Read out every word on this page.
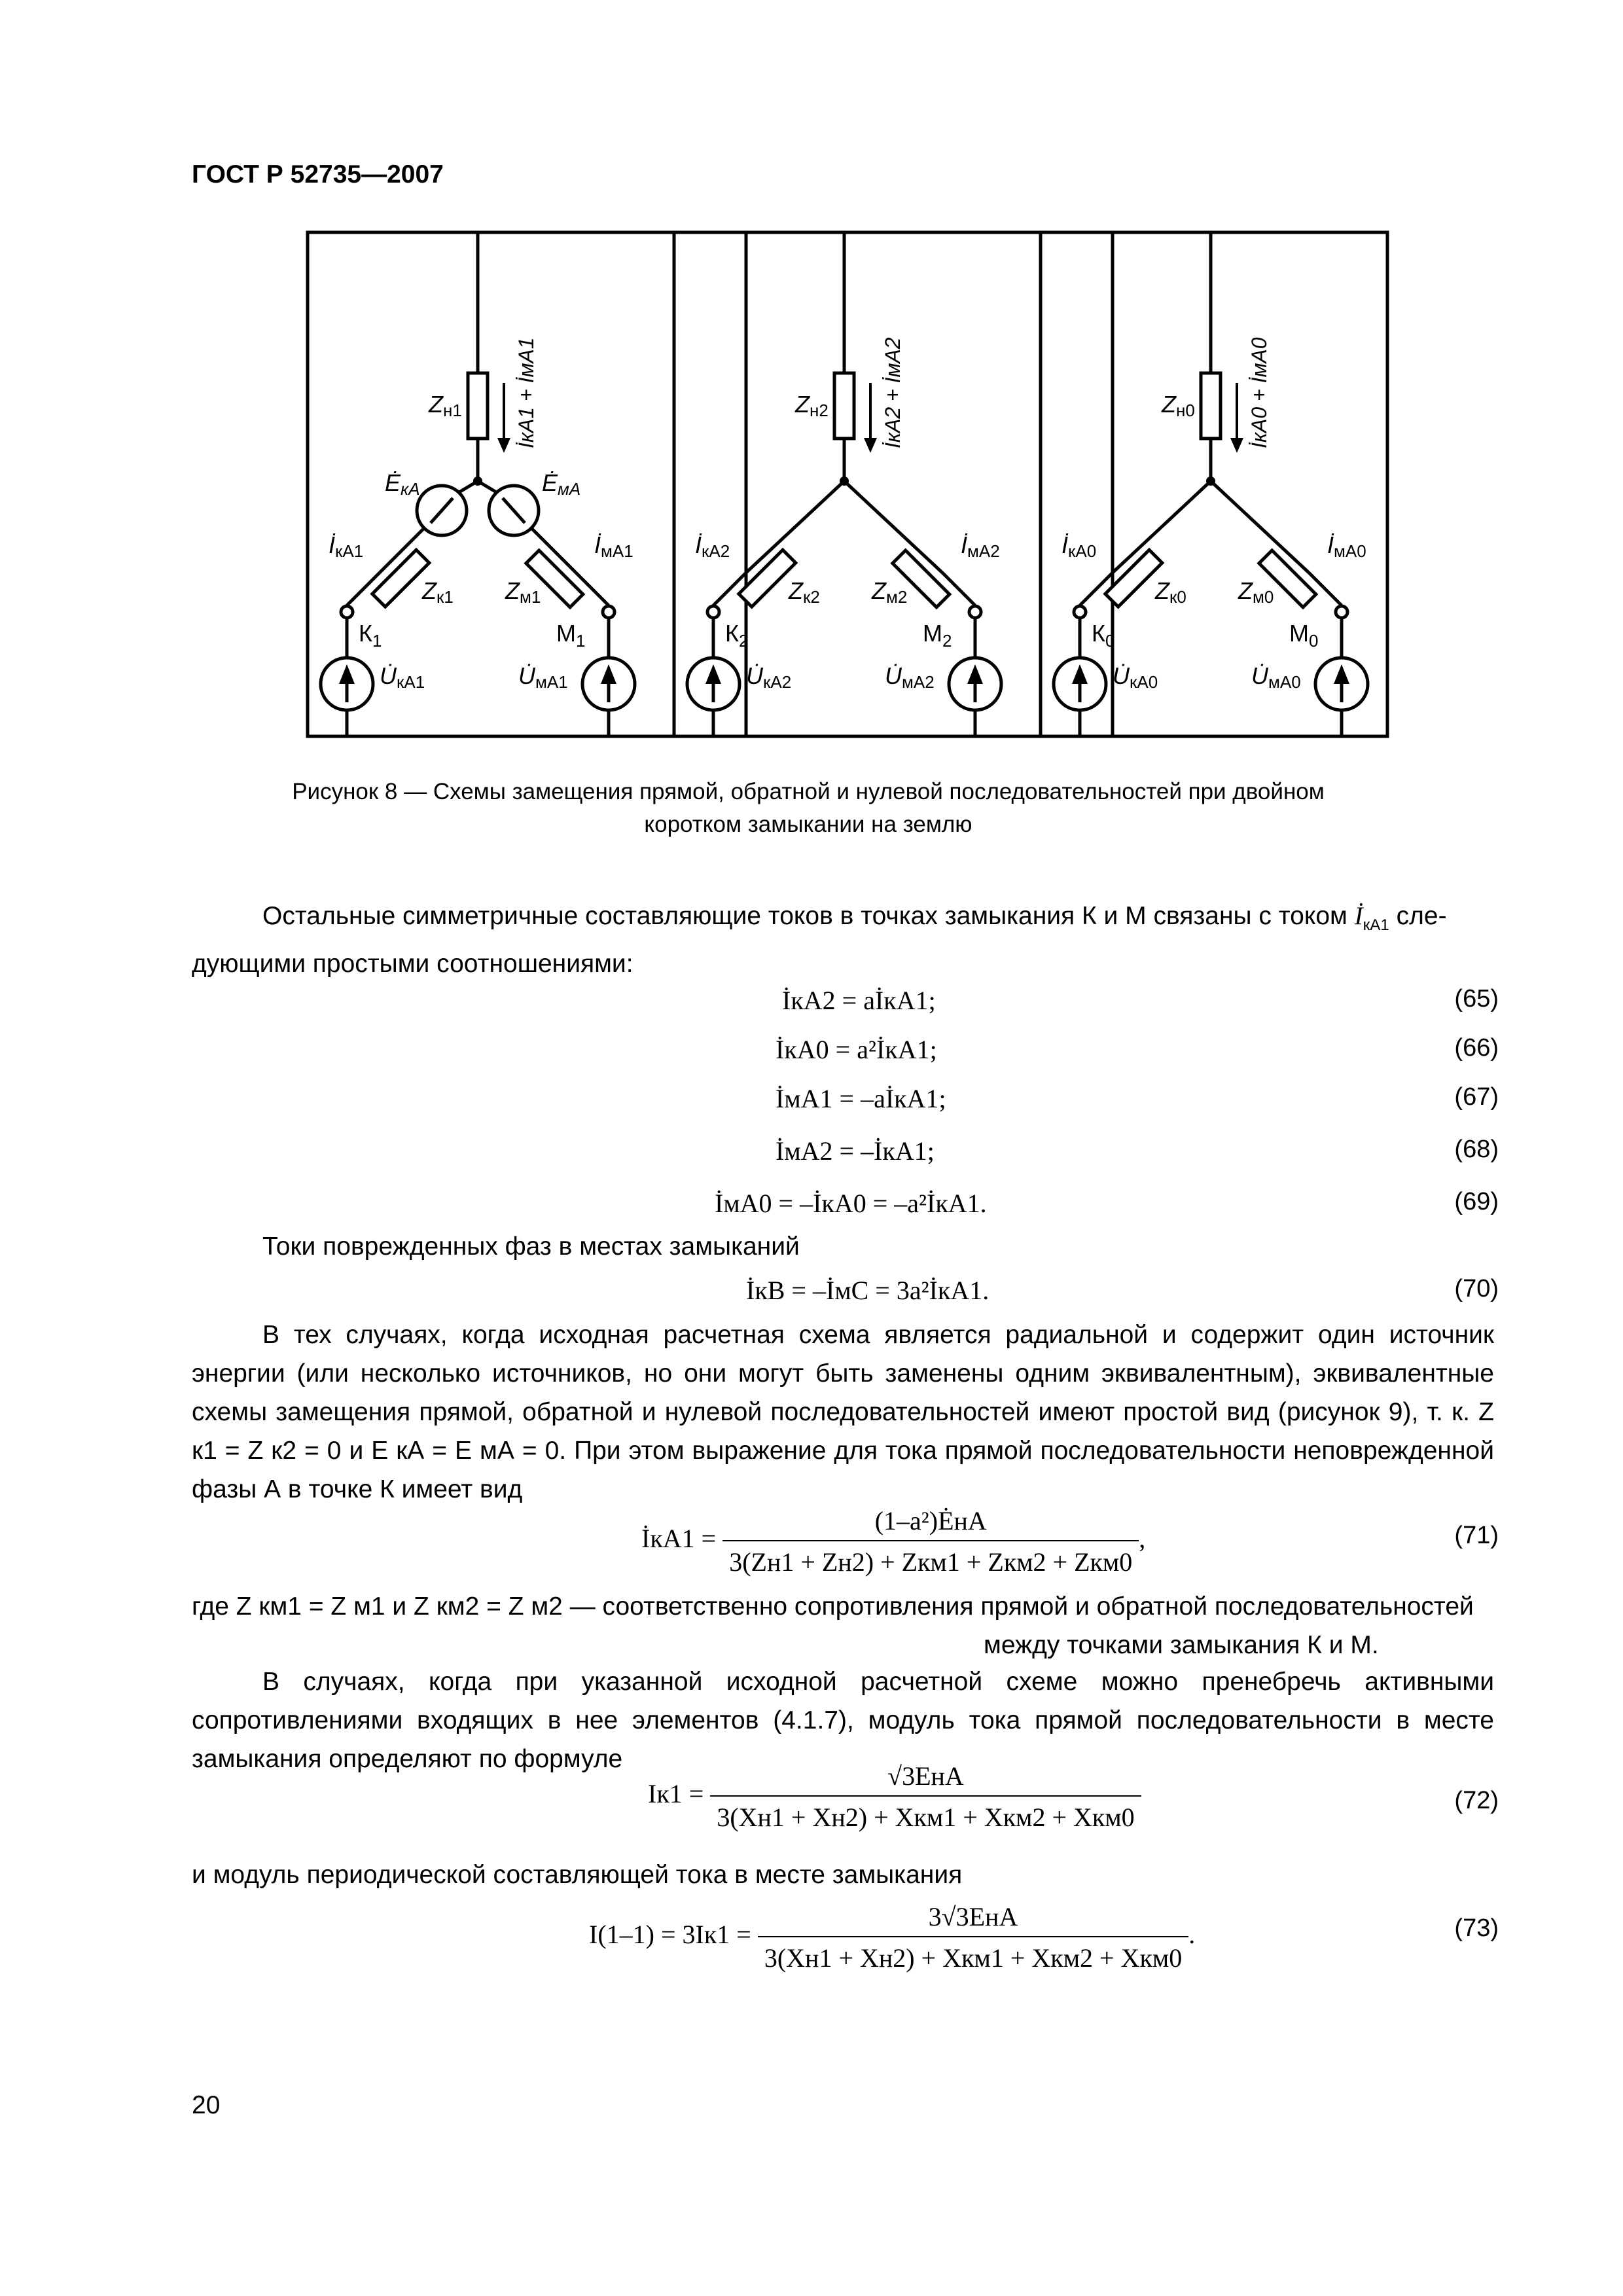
ГОСТ Р 52735—2007
Zн1	İкА1 + İмА1
ĖкА	ĖмА
İкА1	İмА1
Zк1 Zм1
$К_1$	$М_1$
U̇кА1	U̇мА1
Zн2	İкА2 + İмА2
İкА2	İмА2
Zк2 Zм2
$К_2$	$М_2$
U̇кА2	U̇мА2
Zн0	İкА0 + İмА0
İкА0	İмА0
Zк0 Zм0
$К_0$	$М_0$
U̇кА0	U̇мА0
Рисунок 8 — Схемы замещения прямой, обратной и нулевой последовательностей при двойном
коротком замыкании на землю
Остальные симметричные составляющие токов в точках замыкания К и М связаны с током $İ_{кА1}$ сле-
дующими простыми соотношениями:
İкА2 = aİкА1;	(65)
İкА0 = a²İкА1;	(66)
İмА1 = –aİкА1;	(67)
İмА2 = –İкА1;	(68)
İмА0 = –İкА0 = –a²İкА1.	(69)
Токи поврежденных фаз в местах замыканий
İкВ = –İмС = 3a²İкА1.	(70)
В тех случаях, когда исходная расчетная схема является радиальной и содержит один источник энергии (или несколько источников, но они могут быть заменены одним эквивалентным), эквивалентные схемы замещения прямой, обратной и нулевой последовательностей имеют простой вид (рисунок 9), т. к. Z к1 = Z к2 = 0 и E кА = E мА = 0. При этом выражение для тока прямой последовательности неповрежденной фазы А в точке К имеет вид
İкА1 = $\frac{\text{(1–a²)ĖнА}}{\text{3(Zн1 + Zн2) + Zкм1 + Zкм2 + Zкм0}}$ ,	(71)
где Z км1 = Z м1 и Z км2 = Z м2 — соответственно сопротивления прямой и обратной последовательностей
между точками замыкания К и М.
В случаях, когда при указанной исходной расчетной схеме можно пренебречь активными сопротивлениями входящих в нее элементов (4.1.7), модуль тока прямой последовательности в месте замыкания определяют по формуле
$Iк1 = \frac{\text{√3EнА}}{\text{3(Xн1 + Xн2) + Xкм1 + Xкм2 + Xкм0}}$	(72)
и модуль периодической составляющей тока в месте замыкания
$I(1-1) = 3Iк1 = \frac{\text{3√3EнА}}{\text{3(Xн1 + Xн2) + Xкм1 + Xкм2 + Xкм0}}$ .	(73)
20
